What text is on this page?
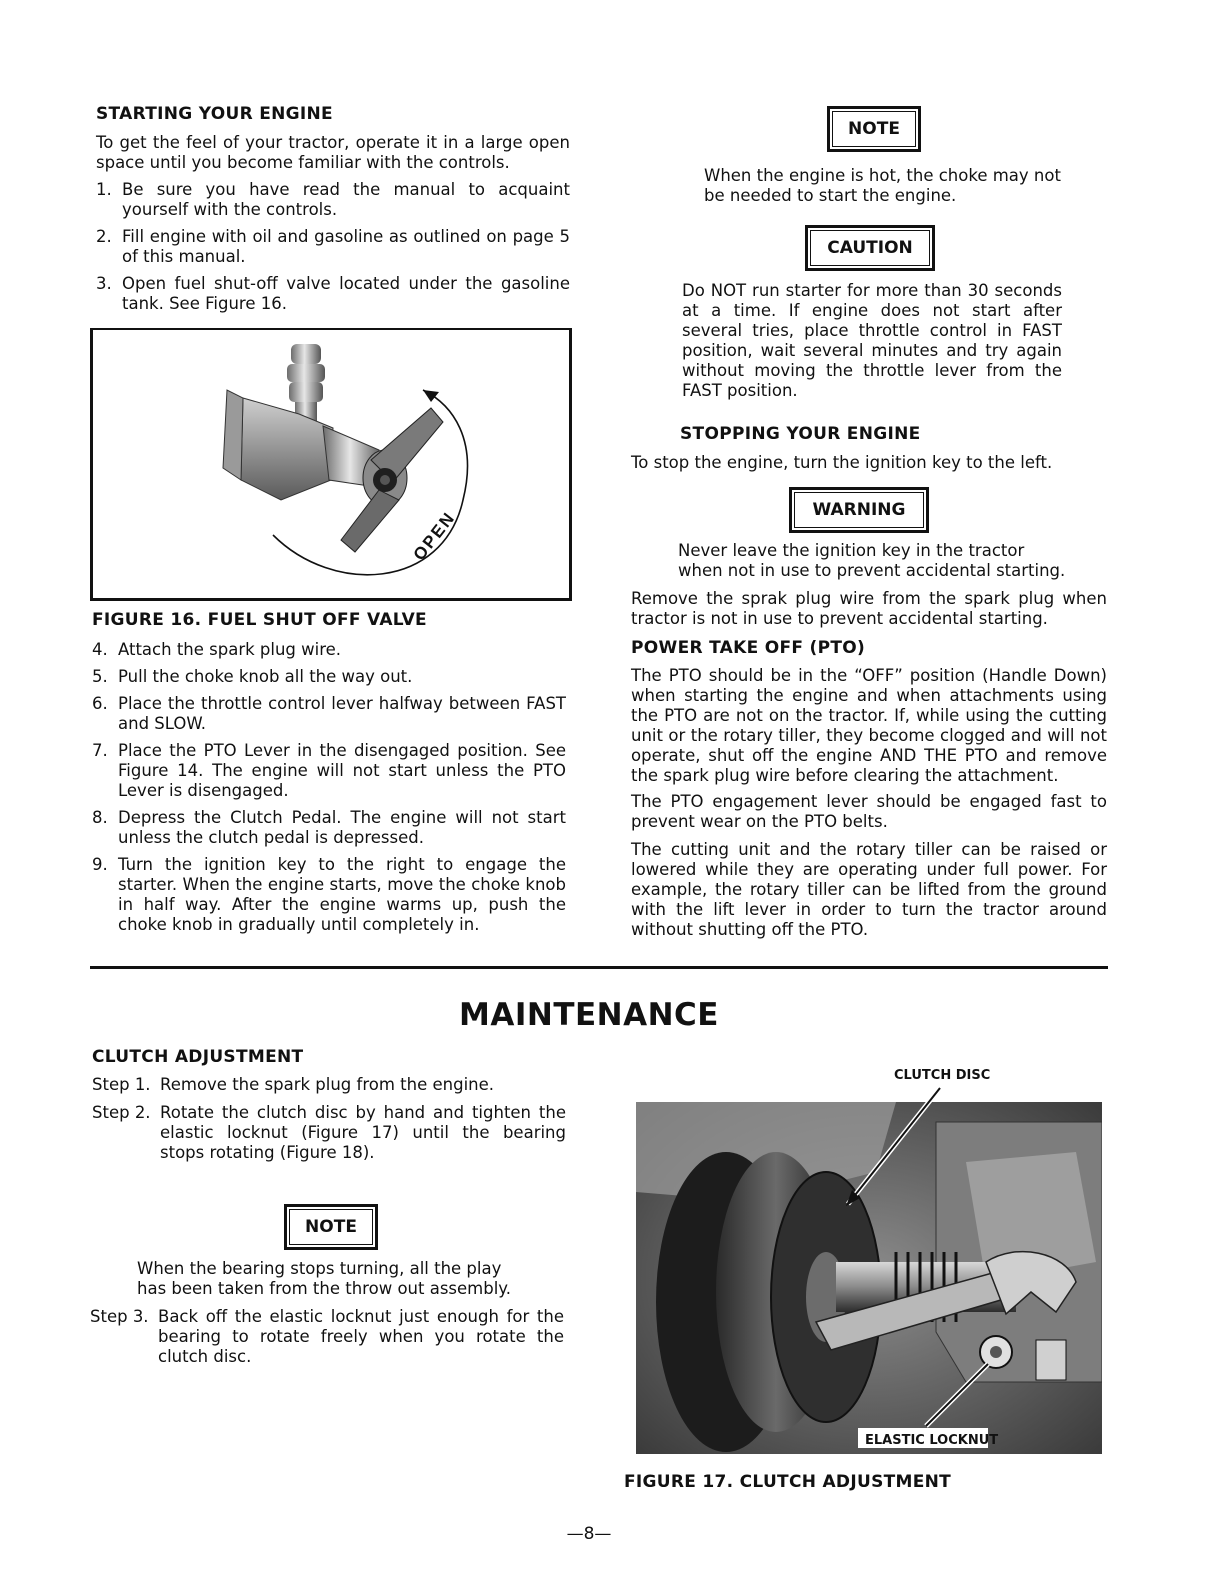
STARTING YOUR ENGINE

To get the feel of your tractor, operate it in a large open space until you become familiar with the controls.

1. Be sure you have read the manual to acquaint yourself with the controls.
2. Fill engine with oil and gasoline as outlined on page 5 of this manual.
3. Open fuel shut-off valve located under the gasoline tank. See Figure 16.
OPEN
FIGURE 16. FUEL SHUT OFF VALVE
4. Attach the spark plug wire.
5. Pull the choke knob all the way out.
6. Place the throttle control lever halfway between FAST and SLOW.
7. Place the PTO Lever in the disengaged position. See Figure 14. The engine will not start unless the PTO Lever is disengaged.
8. Depress the Clutch Pedal. The engine will not start unless the clutch pedal is depressed.
9. Turn the ignition key to the right to engage the starter. When the engine starts, move the choke knob in half way. After the engine warms up, push the choke knob in gradually until completely in.
NOTE

When the engine is hot, the choke may not be needed to start the engine.

CAUTION

Do NOT run starter for more than 30 seconds at a time. If engine does not start after several tries, place throttle control in FAST position, wait several minutes and try again without moving the throttle lever from the FAST position.

STOPPING YOUR ENGINE

To stop the engine, turn the ignition key to the left.

WARNING

Never leave the ignition key in the tractor when not in use to prevent accidental starting.

Remove the sprak plug wire from the spark plug when tractor is not in use to prevent accidental starting.

POWER TAKE OFF (PTO)

The PTO should be in the “OFF” position (Handle Down) when starting the engine and when attachments using the PTO are not on the tractor. If, while using the cutting unit or the rotary tiller, they become clogged and will not operate, shut off the engine AND THE PTO and remove the spark plug wire before clearing the attachment.

The PTO engagement lever should be engaged fast to prevent wear on the PTO belts.

The cutting unit and the rotary tiller can be raised or lowered while they are operating under full power. For example, the rotary tiller can be lifted from the ground with the lift lever in order to turn the tractor around without shutting off the PTO.

MAINTENANCE
CLUTCH ADJUSTMENT
Step 1. Remove the spark plug from the engine.
Step 2. Rotate the clutch disc by hand and tighten the elastic locknut (Figure 17) until the bearing stops rotating (Figure 18).
NOTE

When the bearing stops turning, all the play has been taken from the throw out assembly.

Step 3. Back off the elastic locknut just enough for the bearing to rotate freely when you rotate the clutch disc.
CLUTCH DISC
ELASTIC LOCKNUT
FIGURE 17. CLUTCH ADJUSTMENT
—8—
